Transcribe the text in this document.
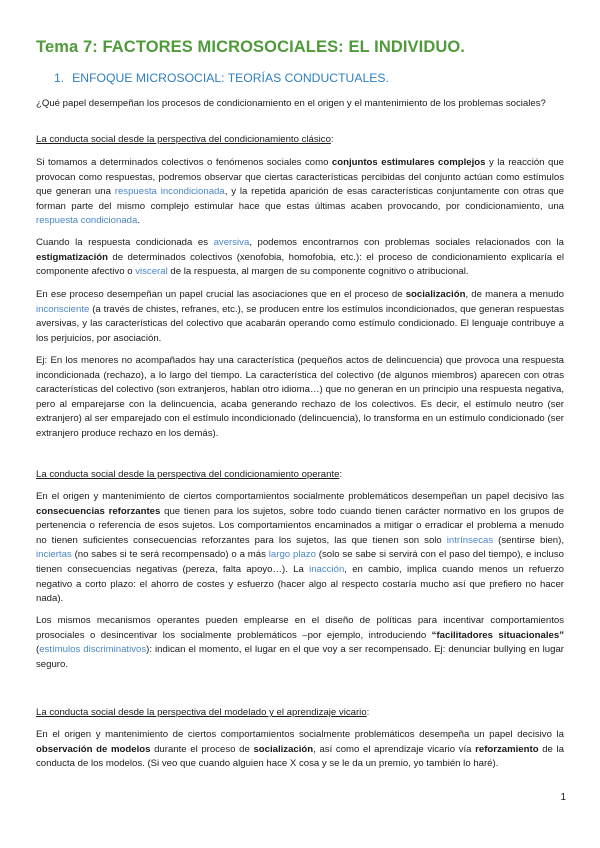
Tema 7: FACTORES MICROSOCIALES: EL INDIVIDUO.
1. ENFOQUE MICROSOCIAL: TEORÍAS CONDUCTUALES.

¿Qué papel desempeñan los procesos de condicionamiento en el origen y el mantenimiento de los problemas sociales?

La conducta social desde la perspectiva del condicionamiento clásico:

Si tomamos a determinados colectivos o fenómenos sociales como conjuntos estimulares complejos y la reacción que provocan como respuestas, podremos observar que ciertas características percibidas del conjunto actúan como estímulos que generan una respuesta incondicionada, y la repetida aparición de esas características conjuntamente con otras que forman parte del mismo complejo estimular hace que estas últimas acaben provocando, por condicionamiento, una respuesta condicionada.

Cuando la respuesta condicionada es aversiva, podemos encontrarnos con problemas sociales relacionados con la estigmatización de determinados colectivos (xenofobia, homofobia, etc.): el proceso de condicionamiento explicaría el componente afectivo o visceral de la respuesta, al margen de su componente cognitivo o atribucional.

En ese proceso desempeñan un papel crucial las asociaciones que en el proceso de socialización, de manera a menudo inconsciente (a través de chistes, refranes, etc.), se producen entre los estímulos incondicionados, que generan respuestas aversivas, y las características del colectivo que acabarán operando como estímulo condicionado. El lenguaje contribuye a los perjuicios, por asociación.

Ej: En los menores no acompañados hay una característica (pequeños actos de delincuencia) que provoca una respuesta incondicionada (rechazo), a lo largo del tiempo. La característica del colectivo (de algunos miembros) aparecen con otras características del colectivo (son extranjeros, hablan otro idioma…) que no generan en un principio una respuesta negativa, pero al emparejarse con la delincuencia, acaba generando rechazo de los colectivos. Es decir, el estímulo neutro (ser extranjero) al ser emparejado con el estímulo incondicionado (delincuencia), lo transforma en un estímulo condicionado (ser extranjero produce rechazo en los demás).

La conducta social desde la perspectiva del condicionamiento operante:

En el origen y mantenimiento de ciertos comportamientos socialmente problemáticos desempeñan un papel decisivo las consecuencias reforzantes que tienen para los sujetos, sobre todo cuando tienen carácter normativo en los grupos de pertenencia o referencia de esos sujetos. Los comportamientos encaminados a mitigar o erradicar el problema a menudo no tienen suficientes consecuencias reforzantes para los sujetos, las que tienen son solo intrínsecas (sentirse bien), inciertas (no sabes si te será recompensado) o a más largo plazo (solo se sabe si servirá con el paso del tiempo), e incluso tienen consecuencias negativas (pereza, falta apoyo…). La inacción, en cambio, implica cuando menos un refuerzo negativo a corto plazo: el ahorro de costes y esfuerzo (hacer algo al respecto costaría mucho así que prefiero no hacer nada).

Los mismos mecanismos operantes pueden emplearse en el diseño de políticas para incentivar comportamientos prosociales o desincentivar los socialmente problemáticos –por ejemplo, introduciendo “facilitadores situacionales” (estímulos discriminativos): indican el momento, el lugar en el que voy a ser recompensado. Ej: denunciar bullying en lugar seguro.

La conducta social desde la perspectiva del modelado y el aprendizaje vicario:

En el origen y mantenimiento de ciertos comportamientos socialmente problemáticos desempeña un papel decisivo la observación de modelos durante el proceso de socialización, así como el aprendizaje vicario vía reforzamiento de la conducta de los modelos. (Si veo que cuando alguien hace X cosa y se le da un premio, yo también lo haré).

1
